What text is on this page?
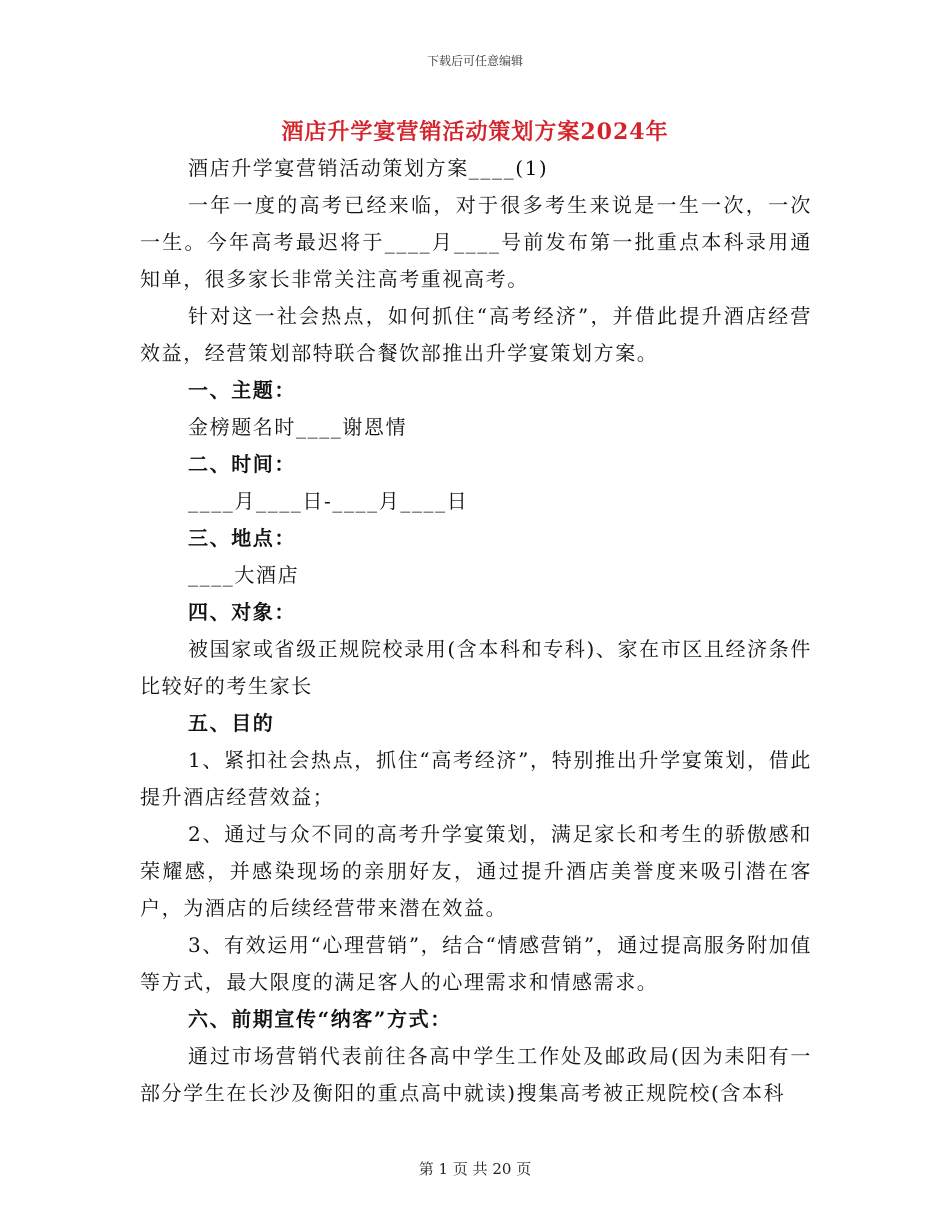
下载后可任意编辑
酒店升学宴营销活动策划方案2024年

酒店升学宴营销活动策划方案____(1)

一年一度的高考已经来临，对于很多考生来说是一生一次，一次一生。今年高考最迟将于____月____号前发布第一批重点本科录用通知单，很多家长非常关注高考重视高考。

针对这一社会热点，如何抓住“高考经济”，并借此提升酒店经营效益，经营策划部特联合餐饮部推出升学宴策划方案。

一、主题：

金榜题名时____谢恩情

二、时间：

____月____日-____月____日

三、地点：

____大酒店

四、对象：

被国家或省级正规院校录用(含本科和专科)、家在市区且经济条件比较好的考生家长

五、目的

1、紧扣社会热点，抓住“高考经济”，特别推出升学宴策划，借此提升酒店经营效益；

2、通过与众不同的高考升学宴策划，满足家长和考生的骄傲感和荣耀感，并感染现场的亲朋好友，通过提升酒店美誉度来吸引潜在客户，为酒店的后续经营带来潜在效益。

3、有效运用“心理营销”，结合“情感营销”，通过提高服务附加值等方式，最大限度的满足客人的心理需求和情感需求。

六、前期宣传“纳客”方式：

通过市场营销代表前往各高中学生工作处及邮政局(因为耒阳有一部分学生在长沙及衡阳的重点高中就读)搜集高考被正规院校(含本科

第 1 页 共 20 页
